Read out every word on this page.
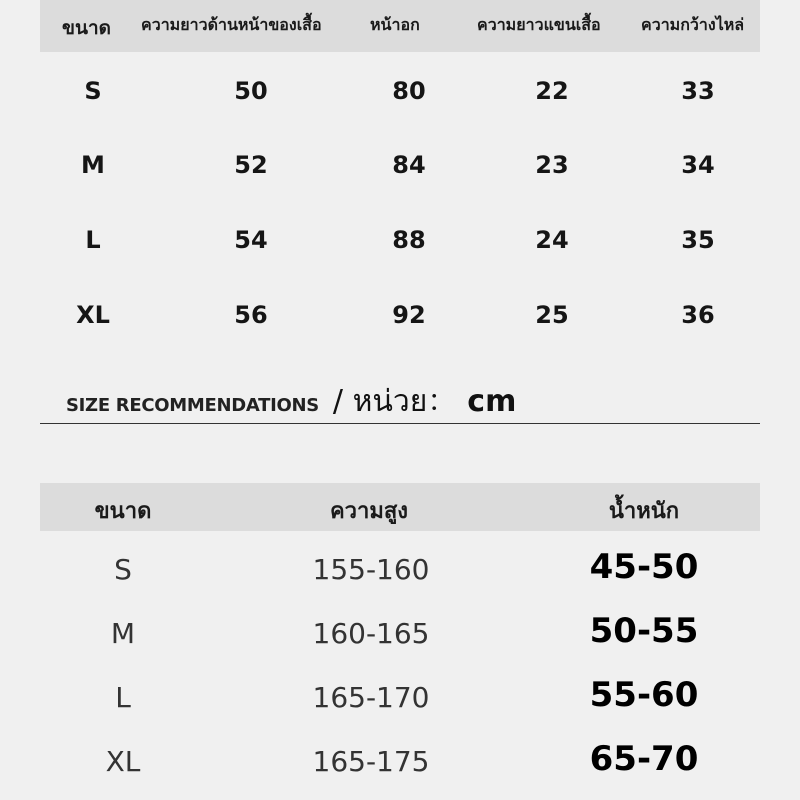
ขนาด ความยาวด้านหน้าของเสื้อ	หน้าอก	ความยาวแขนเสื้อ	ความกว้างไหล่
S	50	80	22	33
M	52	84	23	34
L	54	88	24	35
XL	56	92	25	36
SIZE RECOMMENDATIONS / หน่วย： cm
ขนาด	ความสูง	น้ำหนัก
S	155-160	45-50
M	160-165	50-55
L	165-170	55-60
XL	165-175	65-70
